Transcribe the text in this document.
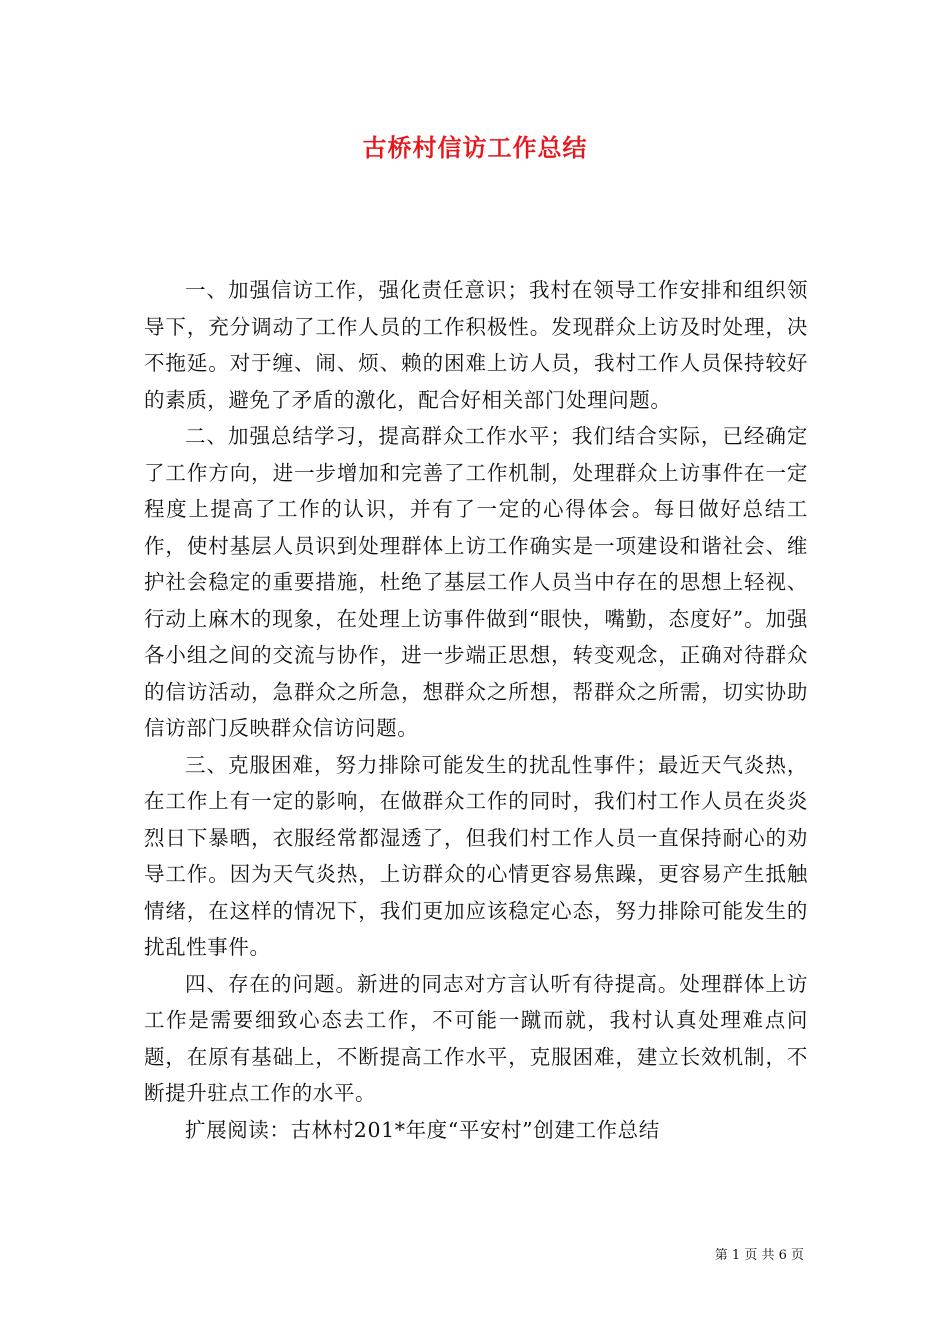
古桥村信访工作总结

一、加强信访工作，强化责任意识；我村在领导工作安排和组织领导下，充分调动了工作人员的工作积极性。发现群众上访及时处理，决不拖延。对于缠、闹、烦、赖的困难上访人员，我村工作人员保持较好的素质，避免了矛盾的激化，配合好相关部门处理问题。

二、加强总结学习，提高群众工作水平；我们结合实际，已经确定了工作方向，进一步增加和完善了工作机制，处理群众上访事件在一定程度上提高了工作的认识，并有了一定的心得体会。每日做好总结工作，使村基层人员识到处理群体上访工作确实是一项建设和谐社会、维护社会稳定的重要措施，杜绝了基层工作人员当中存在的思想上轻视、行动上麻木的现象，在处理上访事件做到“眼快，嘴勤，态度好”。加强各小组之间的交流与协作，进一步端正思想，转变观念，正确对待群众的信访活动，急群众之所急，想群众之所想，帮群众之所需，切实协助信访部门反映群众信访问题。

三、克服困难，努力排除可能发生的扰乱性事件；最近天气炎热，在工作上有一定的影响，在做群众工作的同时，我们村工作人员在炎炎烈日下暴晒，衣服经常都湿透了，但我们村工作人员一直保持耐心的劝导工作。因为天气炎热，上访群众的心情更容易焦躁，更容易产生抵触情绪，在这样的情况下，我们更加应该稳定心态，努力排除可能发生的扰乱性事件。

四、存在的问题。新进的同志对方言认听有待提高。处理群体上访工作是需要细致心态去工作，不可能一蹴而就，我村认真处理难点问题，在原有基础上，不断提高工作水平，克服困难，建立长效机制，不断提升驻点工作的水平。

扩展阅读：古林村201*年度“平安村”创建工作总结

第 1 页 共 6 页
